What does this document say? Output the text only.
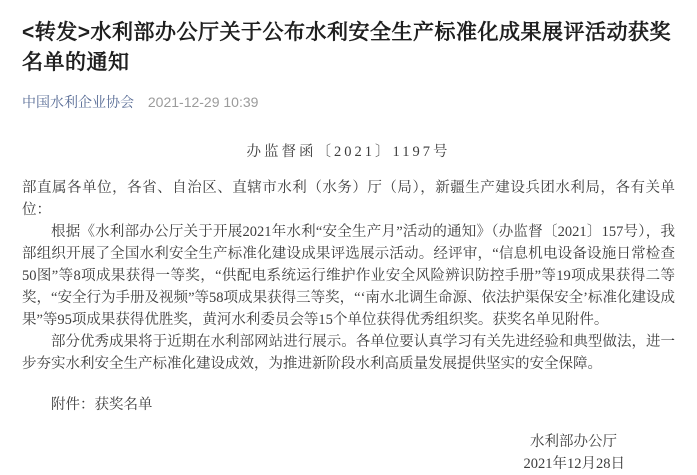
<转发>水利部办公厅关于公布水利安全生产标准化成果展评活动获奖名单的通知
中国水利企业协会 2021-12-29 10:39

办监督函〔2021〕1197号

部直属各单位，各省、自治区、直辖市水利（水务）厅（局），新疆生产建设兵团水利局，各有关单位：

根据《水利部办公厅关于开展2021年水利“安全生产月”活动的通知》（办监督〔2021〕157号），我部组织开展了全国水利安全生产标准化建设成果评选展示活动。经评审，“信息机电设备设施日常检查50图”等8项成果获得一等奖，“供配电系统运行维护作业安全风险辨识防控手册”等19项成果获得二等奖，“安全行为手册及视频”等58项成果获得三等奖，“‘南水北调生命源、依法护渠保安全’标准化建设成果”等95项成果获得优胜奖，黄河水利委员会等15个单位获得优秀组织奖。获奖名单见附件。

部分优秀成果将于近期在水利部网站进行展示。各单位要认真学习有关先进经验和典型做法，进一步夯实水利安全生产标准化建设成效，为推进新阶段水利高质量发展提供坚实的安全保障。

附件：获奖名单

水利部办公厅

2021年12月28日
